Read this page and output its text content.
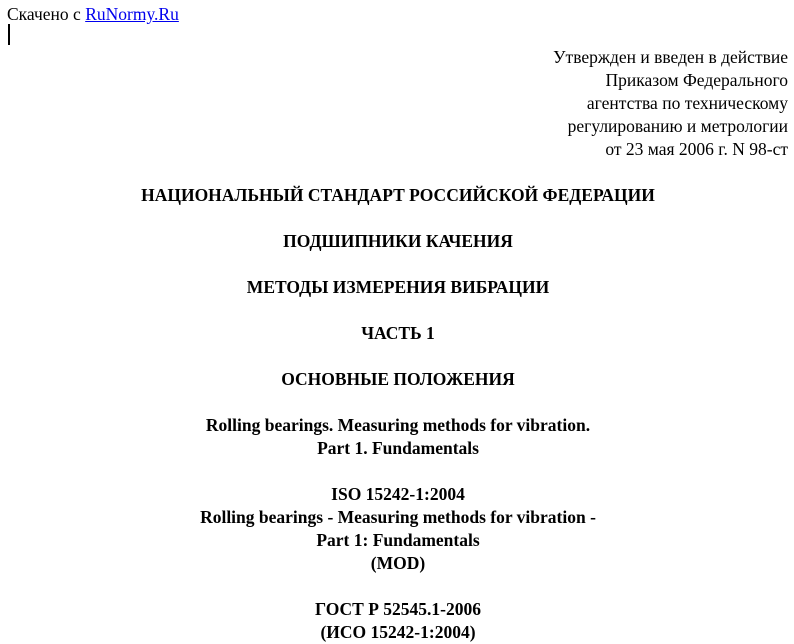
Скачено с RuNormy.Ru
Утвержден и введен в действие
Приказом Федерального
агентства по техническому
регулированию и метрологии
от 23 мая 2006 г. N 98-ст
НАЦИОНАЛЬНЫЙ СТАНДАРТ РОССИЙСКОЙ ФЕДЕРАЦИИ
ПОДШИПНИКИ КАЧЕНИЯ
МЕТОДЫ ИЗМЕРЕНИЯ ВИБРАЦИИ
ЧАСТЬ 1
ОСНОВНЫЕ ПОЛОЖЕНИЯ
Rolling bearings. Measuring methods for vibration.
Part 1. Fundamentals
ISO 15242-1:2004
Rolling bearings - Measuring methods for vibration -
Part 1: Fundamentals
(MOD)
ГОСТ Р 52545.1-2006
(ИСО 15242-1:2004)
